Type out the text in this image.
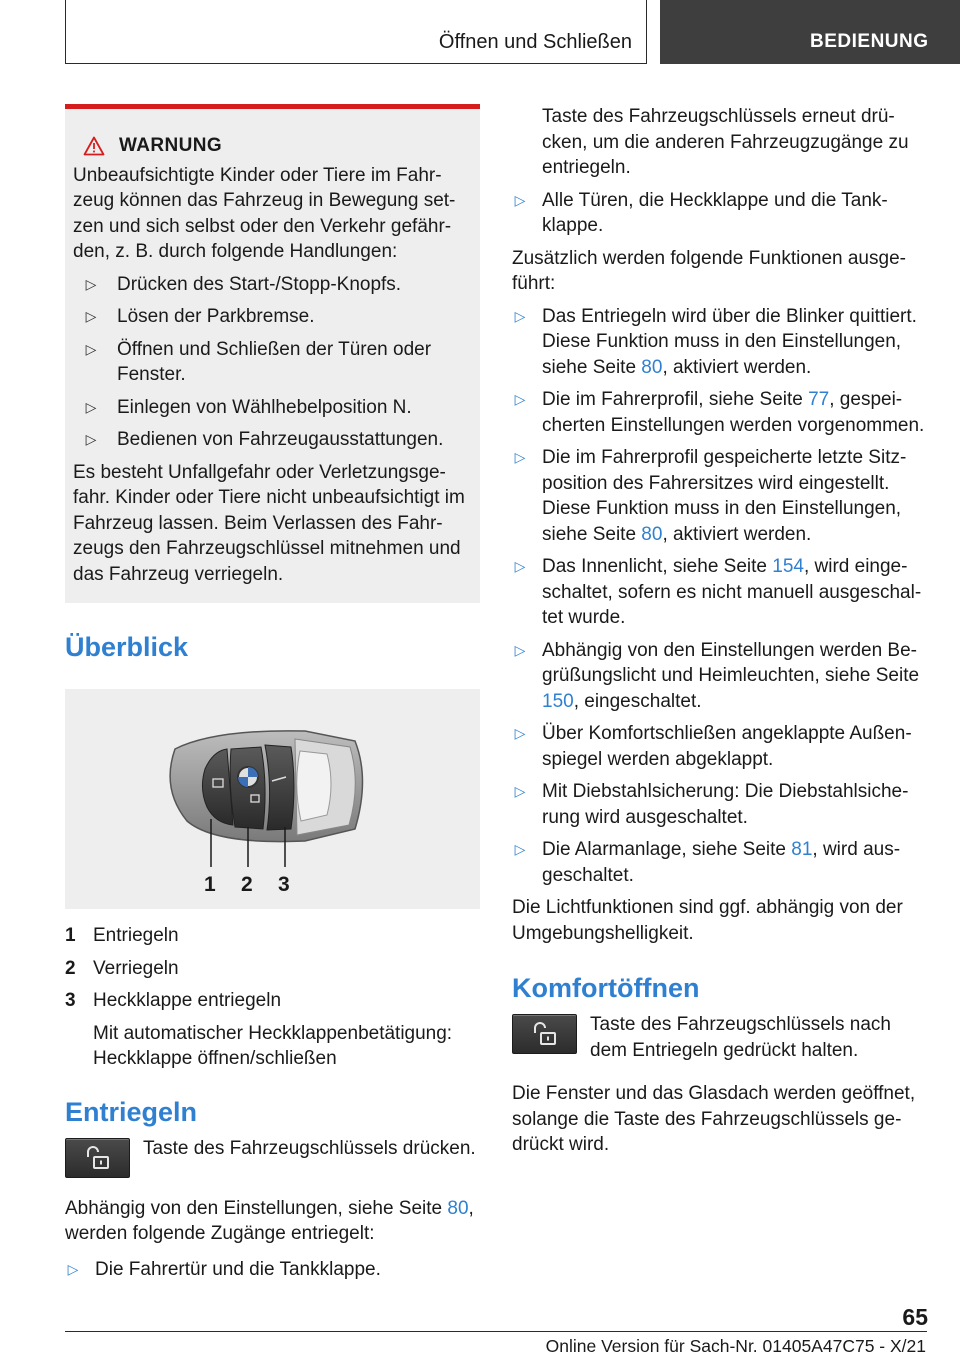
Öffnen und Schließen	BEDIENUNG
WARNUNG

Unbeaufsichtigte Kinder oder Tiere im Fahrzeug können das Fahrzeug in Bewegung setzen und sich selbst oder den Verkehr gefährden, z. B. durch folgende Handlungen:

▷ Drücken des Start-/Stopp-Knopfs.
▷ Lösen der Parkbremse.
▷ Öffnen und Schließen der Türen oder Fenster.
▷ Einlegen von Wählhebelposition N.
▷ Bedienen von Fahrzeugausstattungen.

Es besteht Unfallgefahr oder Verletzungsgefahr. Kinder oder Tiere nicht unbeaufsichtigt im Fahrzeug lassen. Beim Verlassen des Fahrzeugs den Fahrzeugschlüssel mitnehmen und das Fahrzeug verriegeln.

Überblick
1 2 3
1 Entriegeln
2 Verriegeln
3 Heckklappe entriegeln
Mit automatischer Heckklappenbetätigung: Heckklappe öffnen/schließen
Entriegeln

Taste des Fahrzeugschlüssels drücken.

Abhängig von den Einstellungen, siehe Seite 80, werden folgende Zugänge entriegelt:

▷ Die Fahrertür und die Tankklappe.

Taste des Fahrzeugschlüssels erneut drücken, um die anderen Fahrzeugzugänge zu entriegeln.

▷ Alle Türen, die Heckklappe und die Tankklappe.

Zusätzlich werden folgende Funktionen ausgeführt:

▷ Das Entriegeln wird über die Blinker quittiert. Diese Funktion muss in den Einstellungen, siehe Seite 80, aktiviert werden.
▷ Die im Fahrerprofil, siehe Seite 77, gespeicherten Einstellungen werden vorgenommen.
▷ Die im Fahrerprofil gespeicherte letzte Sitzposition des Fahrersitzes wird eingestellt. Diese Funktion muss in den Einstellungen, siehe Seite 80, aktiviert werden.
▷ Das Innenlicht, siehe Seite 154, wird eingeschaltet, sofern es nicht manuell ausgeschaltet wurde.
▷ Abhängig von den Einstellungen werden Begrüßungslicht und Heimleuchten, siehe Seite 150, eingeschaltet.
▷ Über Komfortschließen angeklappte Außenspiegel werden abgeklappt.
▷ Mit Diebstahlsicherung: Die Diebstahlsicherung wird ausgeschaltet.
▷ Die Alarmanlage, siehe Seite 81, wird ausgeschaltet.

Die Lichtfunktionen sind ggf. abhängig von der Umgebungshelligkeit.

Komfortöffnen

Taste des Fahrzeugschlüssels nach dem Entriegeln gedrückt halten.

Die Fenster und das Glasdach werden geöffnet, solange die Taste des Fahrzeugschlüssels gedrückt wird.

65
Online Version für Sach-Nr. 01405A47C75 - X/21
